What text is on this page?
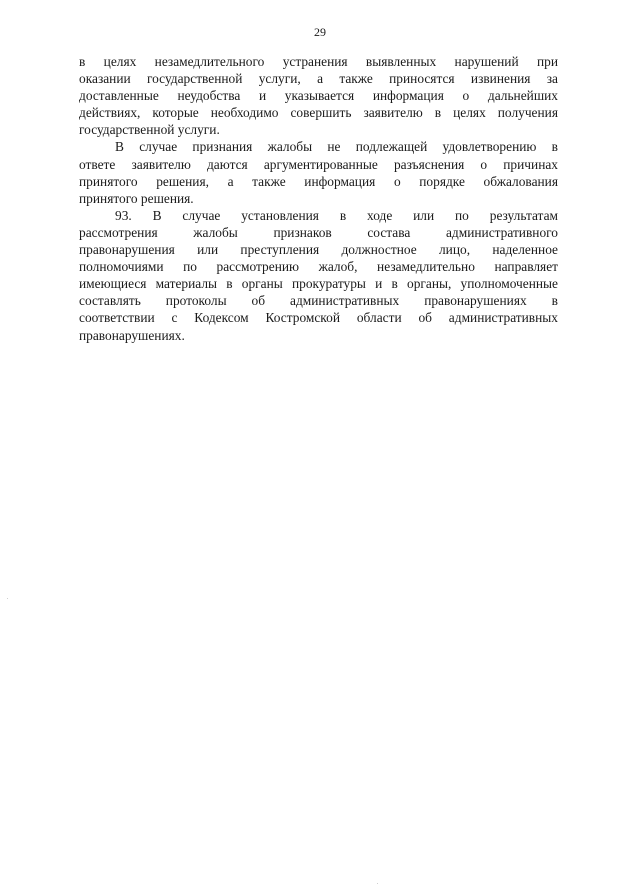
29
в целях незамедлительного устранения выявленных нарушений при
оказании государственной услуги, а также приносятся извинения за
доставленные неудобства и указывается информация о дальнейших
действиях, которые необходимо совершить заявителю в целях получения
государственной услуги.
В случае признания жалобы не подлежащей удовлетворению в
ответе заявителю даются аргументированные разъяснения о причинах
принятого решения, а также информация о порядке обжалования
принятого решения.
93. В случае установления в ходе или по результатам
рассмотрения жалобы признаков состава административного
правонарушения или преступления должностное лицо, наделенное
полномочиями по рассмотрению жалоб, незамедлительно направляет
имеющиеся материалы в органы прокуратуры и в органы, уполномоченные
составлять протоколы об административных правонарушениях в
соответствии с Кодексом Костромской области об административных
правонарушениях.
